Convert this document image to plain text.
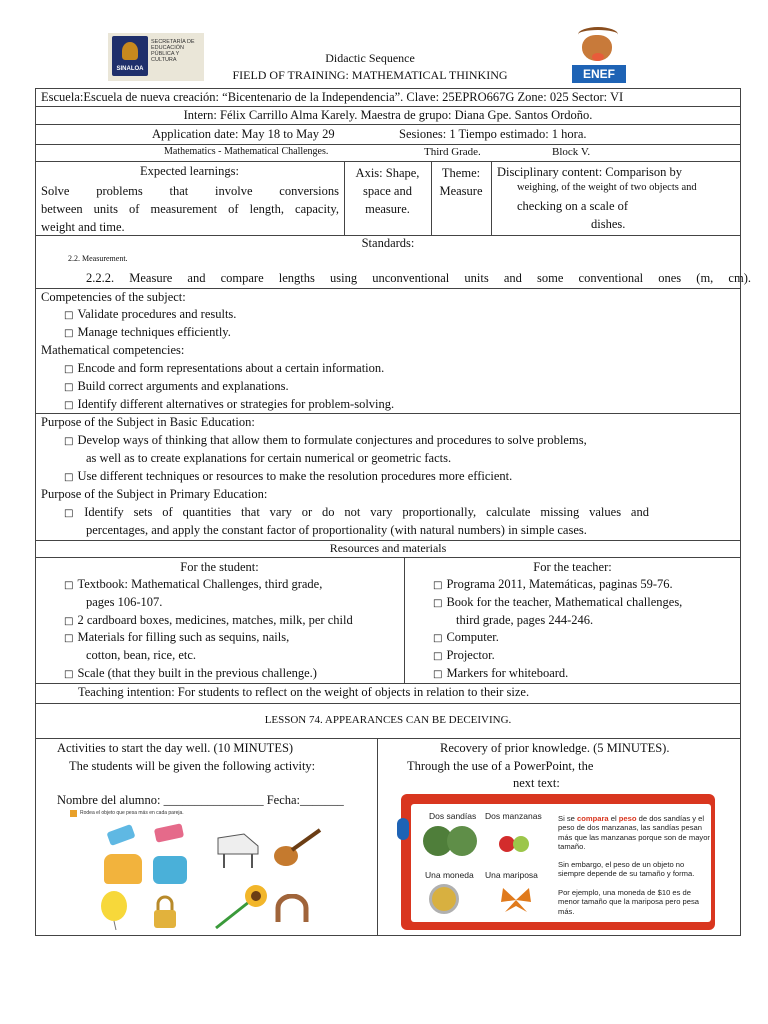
SINALOA
SECRETARÍA DE EDUCACIÓN PÚBLICA Y CULTURA
ENEF
Didactic Sequence
FIELD OF TRAINING: MATHEMATICAL THINKING
Escuela:Escuela de nueva creación: “Bicentenario de la Independencia”. Clave: 25EPRO667G Zone: 025 Sector: VI
Intern: Félix Carrillo Alma Karely. Maestra de grupo: Diana Gpe. Santos Ordoño.
Application date: May 18 to May 29	Sesiones: 1 Tiempo estimado: 1 hora.
Mathematics - Mathematical Challenges.	Third Grade.	Block V.
Expected learnings:
Solve problems that involve conversions
between units of measurement of length, capacity,
weight and time.
Axis: Shape,
space and
measure.
Theme:
Measure
Disciplinary content: Comparison by
weighing, of the weight of two objects and
checking on a scale of
dishes.
Standards:
2.2. Measurement.
2.2.2. Measure and compare lengths using unconventional units and some conventional ones (m, cm).
Competencies of the subject:
□ Validate procedures and results.
□ Manage techniques efficiently.
Mathematical competencies:
□ Encode and form representations about a certain information.
□ Build correct arguments and explanations.
□ Identify different alternatives or strategies for problem-solving.
Purpose of the Subject in Basic Education:
□ Develop ways of thinking that allow them to formulate conjectures and procedures to solve problems,
as well as to create explanations for certain numerical or geometric facts.
□ Use different techniques or resources to make the resolution procedures more efficient.
Purpose of the Subject in Primary Education:
□ Identify sets of quantities that vary or do not vary proportionally, calculate missing values and
percentages, and apply the constant factor of proportionality (with natural numbers) in simple cases.
Resources and materials
For the student:
□ Textbook: Mathematical Challenges, third grade,
pages 106-107.
□ 2 cardboard boxes, medicines, matches, milk, per child
□ Materials for filling such as sequins, nails,
cotton, bean, rice, etc.
□ Scale (that they built in the previous challenge.)
For the teacher:
□ Programa 2011, Matemáticas, paginas 59-76.
□ Book for the teacher, Mathematical challenges,
third grade, pages 244-246.
□ Computer.
□ Projector.
□ Markers for whiteboard.
Teaching intention: For students to reflect on the weight of objects in relation to their size.
LESSON 74. APPEARANCES CAN BE DECEIVING.
Activities to start the day well. (10 MINUTES)
The students will be given the following activity:
Nombre del alumno: ________________ Fecha:_______
Rodea el objeto que pesa más en cada pareja.
Recovery of prior knowledge. (5 MINUTES).
Through the use of a PowerPoint, the
next text:
Dos sandías Dos manzanas
Una moneda Una mariposa
Si se compara el peso de dos sandías y el peso de dos manzanas, las sandías pesan más que las manzanas porque son de mayor tamaño.
Sin embargo, el peso de un objeto no siempre depende de su tamaño y forma.
Por ejemplo, una moneda de $10 es de menor tamaño que la mariposa pero pesa más.
